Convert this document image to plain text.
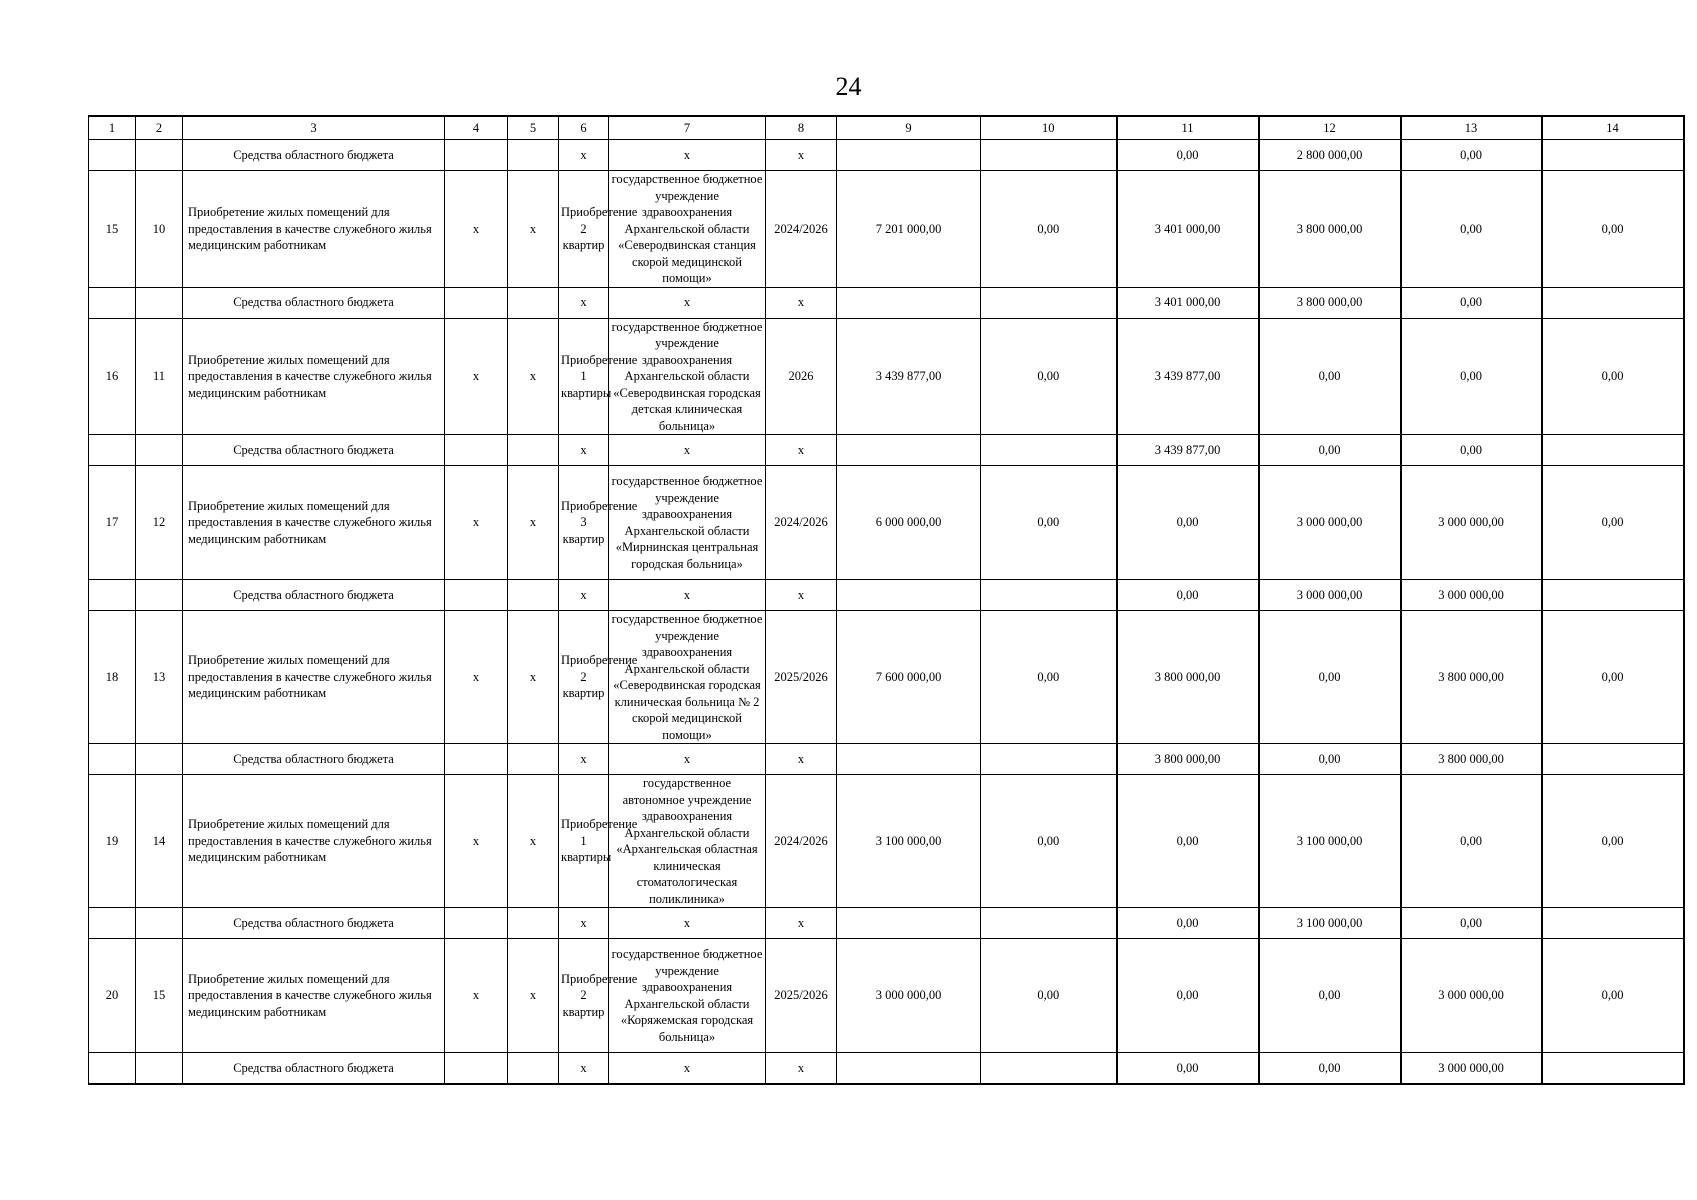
24
1	2	3	4	5	6	7	8	9	10	11	12	13	14
		Средства областного бюджета			х	х	х			0,00	2 800 000,00	0,00	
15	10	Приобретение жилых помещений для предоставления в качестве служебного жилья медицинским работникам	х	х	Приобретение 2 квартир	государственное бюджетное учреждение здравоохранения Архангельской области «Северодвинская станция скорой медицинской помощи»	2024/2026	7 201 000,00	0,00	3 401 000,00	3 800 000,00	0,00	0,00
		Средства областного бюджета			х	х	х			3 401 000,00	3 800 000,00	0,00	
16	11	Приобретение жилых помещений для предоставления в качестве служебного жилья медицинским работникам	х	х	Приобретение 1 квартиры	государственное бюджетное учреждение здравоохранения Архангельской области «Северодвинская городская детская клиническая больница»	2026	3 439 877,00	0,00	3 439 877,00	0,00	0,00	0,00
		Средства областного бюджета			х	х	х			3 439 877,00	0,00	0,00	
17	12	Приобретение жилых помещений для предоставления в качестве служебного жилья медицинским работникам	х	х	Приобретение 3 квартир	государственное бюджетное учреждение здравоохранения Архангельской области «Мирнинская центральная городская больница»	2024/2026	6 000 000,00	0,00	0,00	3 000 000,00	3 000 000,00	0,00
		Средства областного бюджета			х	х	х			0,00	3 000 000,00	3 000 000,00	
18	13	Приобретение жилых помещений для предоставления в качестве служебного жилья медицинским работникам	х	х	Приобретение 2 квартир	государственное бюджетное учреждение здравоохранения Архангельской области «Северодвинская городская клиническая больница № 2 скорой медицинской помощи»	2025/2026	7 600 000,00	0,00	3 800 000,00	0,00	3 800 000,00	0,00
		Средства областного бюджета			х	х	х			3 800 000,00	0,00	3 800 000,00	
19	14	Приобретение жилых помещений для предоставления в качестве служебного жилья медицинским работникам	х	х	Приобретение 1 квартиры	государственное автономное учреждение здравоохранения Архангельской области «Архангельская областная клиническая стоматологическая поликлиника»	2024/2026	3 100 000,00	0,00	0,00	3 100 000,00	0,00	0,00
		Средства областного бюджета			х	х	х			0,00	3 100 000,00	0,00	
20	15	Приобретение жилых помещений для предоставления в качестве служебного жилья медицинским работникам	х	х	Приобретение 2 квартир	государственное бюджетное учреждение здравоохранения Архангельской области «Коряжемская городская больница»	2025/2026	3 000 000,00	0,00	0,00	0,00	3 000 000,00	0,00
		Средства областного бюджета			х	х	х			0,00	0,00	3 000 000,00	
